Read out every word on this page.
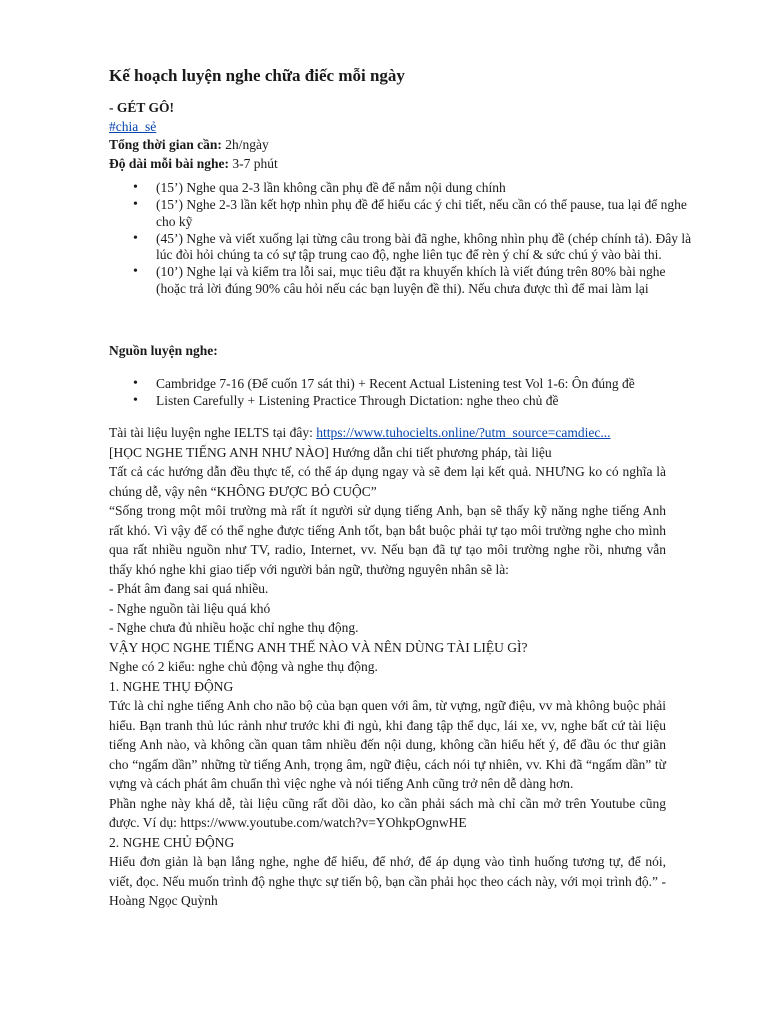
Kế hoạch luyện nghe chữa điếc mỗi ngày
- GÉT GÔ!
#chia_sẻ
Tổng thời gian cần: 2h/ngày
Độ dài mỗi bài nghe: 3-7 phút
• (15’) Nghe qua 2-3 lần không cần phụ đề để nắm nội dung chính
• (15’) Nghe 2-3 lần kết hợp nhìn phụ đề để hiểu các ý chi tiết, nếu cần có thể pause, tua lại để nghe cho kỹ
• (45’) Nghe và viết xuống lại từng câu trong bài đã nghe, không nhìn phụ đề (chép chính tả). Đây là lúc đòi hỏi chúng ta có sự tập trung cao độ, nghe liên tục để rèn ý chí & sức chú ý vào bài thi.
• (10’) Nghe lại và kiểm tra lỗi sai, mục tiêu đặt ra khuyến khích là viết đúng trên 80% bài nghe (hoặc trả lời đúng 90% câu hỏi nếu các bạn luyện đề thi). Nếu chưa được thì để mai làm lại
Nguồn luyện nghe:
• Cambridge 7-16 (Để cuốn 17 sát thi) + Recent Actual Listening test Vol 1-6: Ôn đúng đề
• Listen Carefully + Listening Practice Through Dictation: nghe theo chủ đề

Tài tài liệu luyện nghe IELTS tại đây: https://www.tuhocielts.online/?utm_source=camdiec...

[HỌC NGHE TIẾNG ANH NHƯ NÀO] Hướng dẫn chi tiết phương pháp, tài liệu

Tất cả các hướng dẫn đều thực tế, có thể áp dụng ngay và sẽ đem lại kết quả. NHƯNG ko có nghĩa là chúng dễ, vậy nên “KHÔNG ĐƯỢC BỎ CUỘC”

“Sống trong một môi trường mà rất ít người sử dụng tiếng Anh, bạn sẽ thấy kỹ năng nghe tiếng Anh rất khó. Vì vậy để có thể nghe được tiếng Anh tốt, bạn bắt buộc phải tự tạo môi trường nghe cho mình qua rất nhiều nguồn như TV, radio, Internet, vv. Nếu bạn đã tự tạo môi trường nghe rồi, nhưng vẫn thấy khó nghe khi giao tiếp với người bản ngữ, thường nguyên nhân sẽ là:

- Phát âm đang sai quá nhiều.

- Nghe nguồn tài liệu quá khó

- Nghe chưa đủ nhiều hoặc chỉ nghe thụ động.

VẬY HỌC NGHE TIẾNG ANH THẾ NÀO VÀ NÊN DÙNG TÀI LIỆU GÌ?

Nghe có 2 kiểu: nghe chủ động và nghe thụ động.

1. NGHE THỤ ĐỘNG

Tức là chỉ nghe tiếng Anh cho não bộ của bạn quen với âm, từ vựng, ngữ điệu, vv mà không buộc phải hiểu. Bạn tranh thủ lúc rảnh như trước khi đi ngủ, khi đang tập thể dục, lái xe, vv, nghe bất cứ tài liệu tiếng Anh nào, và không cần quan tâm nhiều đến nội dung, không cần hiểu hết ý, để đầu óc thư giãn cho “ngấm dần” những từ tiếng Anh, trọng âm, ngữ điệu, cách nói tự nhiên, vv. Khi đã “ngấm dần” từ vựng và cách phát âm chuẩn thì việc nghe và nói tiếng Anh cũng trở nên dễ dàng hơn.

Phần nghe này khá dễ, tài liệu cũng rất dồi dào, ko cần phải sách mà chỉ cần mở trên Youtube cũng được. Ví dụ: https://www.youtube.com/watch?v=YOhkpOgnwHE

2. NGHE CHỦ ĐỘNG

Hiểu đơn giản là bạn lắng nghe, nghe để hiểu, để nhớ, để áp dụng vào tình huống tương tự, để nói, viết, đọc. Nếu muốn trình độ nghe thực sự tiến bộ, bạn cần phải học theo cách này, với mọi trình độ.” - Hoàng Ngọc Quỳnh
